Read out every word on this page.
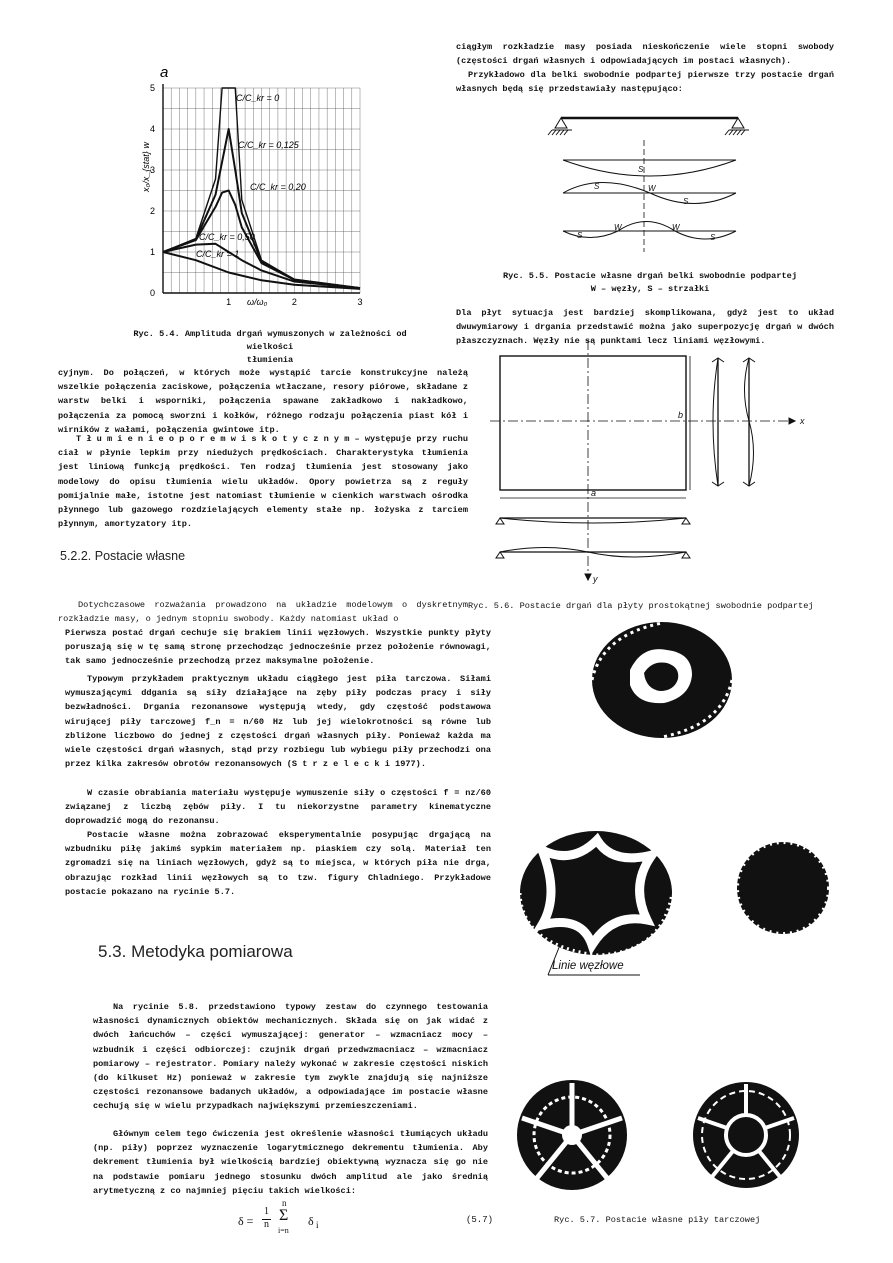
a
x₀/x_{stat} w
ω/ω₀
0
1
2
3
4
5
1	2	3
C/C_kr = 0
C/C_kr = 0,125
C/C_kr = 0,20
C/C_kr = 0,50
C/C_kr = 1
Ryc. 5.4. Amplituda drgań wymuszonych w zależności od wielkości
tłumienia

cyjnym. Do połączeń, w których może wystąpić tarcie konstrukcyjne należą wszelkie połączenia zaciskowe, połączenia wtłaczane, resory piórowe, składane z warstw belki i wsporniki, połączenia spawane zakładkowo i nakładkowo, połączenia za pomocą sworzni i kołków, różnego rodzaju połączenia piast kół i wirników z wałami, połączenia gwintowe itp.

T ł u m i e n i e o p o r e m w i s k o t y c z n y m – występuje przy ruchu ciał w płynie lepkim przy niedużych prędkościach. Charakterystyka tłumienia jest liniową funkcją prędkości. Ten rodzaj tłumienia jest stosowany jako modelowy do opisu tłumienia wielu układów. Opory powietrza są z reguły pomijalnie małe, istotne jest natomiast tłumienie w cienkich warstwach ośrodka płynnego lub gazowego rozdzielających elementy stałe np. łożyska z tarciem płynnym, amortyzatory itp.

5.2.2. Postacie własne

Dotychczasowe rozważania prowadzono na układzie modelowym o dyskretnym rozkładzie masy, o jednym stopniu swobody. Każdy natomiast układ o

Pierwsza postać drgań cechuje się brakiem linii węzłowych. Wszystkie punkty płyty poruszają się w tę samą stronę przechodząc jednocześnie przez położenie równowagi, tak samo jednocześnie przechodzą przez maksymalne położenie.

Typowym przykładem praktycznym układu ciągłego jest piła tarczowa. Siłami wymuszającymi ddgania są siły działające na zęby piły podczas pracy i siły bezwładności. Drgania rezonansowe występują wtedy, gdy częstość podstawowa wirującej piły tarczowej f_n = n/60 Hz lub jej wielokrotności są równe lub zbliżone liczbowo do jednej z częstości drgań własnych piły. Ponieważ każda ma wiele częstości drgań własnych, stąd przy rozbiegu lub wybiegu piły przechodzi ona przez kilka zakresów obrotów rezonansowych (S t r z e l e c k i 1977).

W czasie obrabiania materiału występuje wymuszenie siły o częstości f = nz/60 związanej z liczbą zębów piły. I tu niekorzystne parametry kinematyczne doprowadzić mogą do rezonansu.

Postacie własne można zobrazować eksperymentalnie posypując drgającą na wzbudniku piłę jakimś sypkim materiałem np. piaskiem czy solą. Materiał ten zgromadzi się na liniach węzłowych, gdyż są to miejsca, w których piła nie drga, obrazując rozkład linii węzłowych są to tzw. figury Chladniego. Przykładowe postacie pokazano na rycinie 5.7.

5.3. Metodyka pomiarowa

Na rycinie 5.8. przedstawiono typowy zestaw do czynnego testowania własności dynamicznych obiektów mechanicznych. Składa się on jak widać z dwóch łańcuchów – części wymuszającej: generator – wzmacniacz mocy – wzbudnik i części odbiorczej: czujnik drgań przedwzmacniacz – wzmacniacz pomiarowy – rejestrator. Pomiary należy wykonać w zakresie częstości niskich (do kilkuset Hz) ponieważ w zakresie tym zwykle znajdują się najniższe częstości rezonansowe badanych układów, a odpowiadające im postacie własne cechują się w wielu przypadkach największymi przemieszczeniami.

Głównym celem tego ćwiczenia jest określenie własności tłumiących układu (np. piły) poprzez wyznaczenie logarytmicznego dekrementu tłumienia. Aby dekrement tłumienia był wielkością bardziej obiektywną wyznacza się go nie na podstawie pomiaru jednego stosunku dwóch amplitud ale jako średnią arytmetyczną z co najmniej pięciu takich wielkości:

δ =
1
n
n
Σ
i=n
δ i	(5.7)

ciągłym rozkładzie masy posiada nieskończenie wiele stopni swobody (częstości drgań własnych i odpowiadających im postaci własnych).

Przykładowo dla belki swobodnie podpartej pierwsze trzy postacie drgań własnych będą się przedstawiały następująco:

S
S	W
S
S
W	W
S
Ryc. 5.5. Postacie własne drgań belki swobodnie podpartej
W – węzły, S – strzałki

Dla płyt sytuacja jest bardziej skomplikowana, gdyż jest to układ dwuwymiarowy i drgania przedstawić można jako superpozycję drgań w dwóch płaszczyznach. Węzły nie są punktami lecz liniami węzłowymi.

a
b
x
y
Ryc. 5.6. Postacie drgań dla płyty prostokątnej swobodnie podpartej
Linie węzłowe
Ryc. 5.7. Postacie własne piły tarczowej
